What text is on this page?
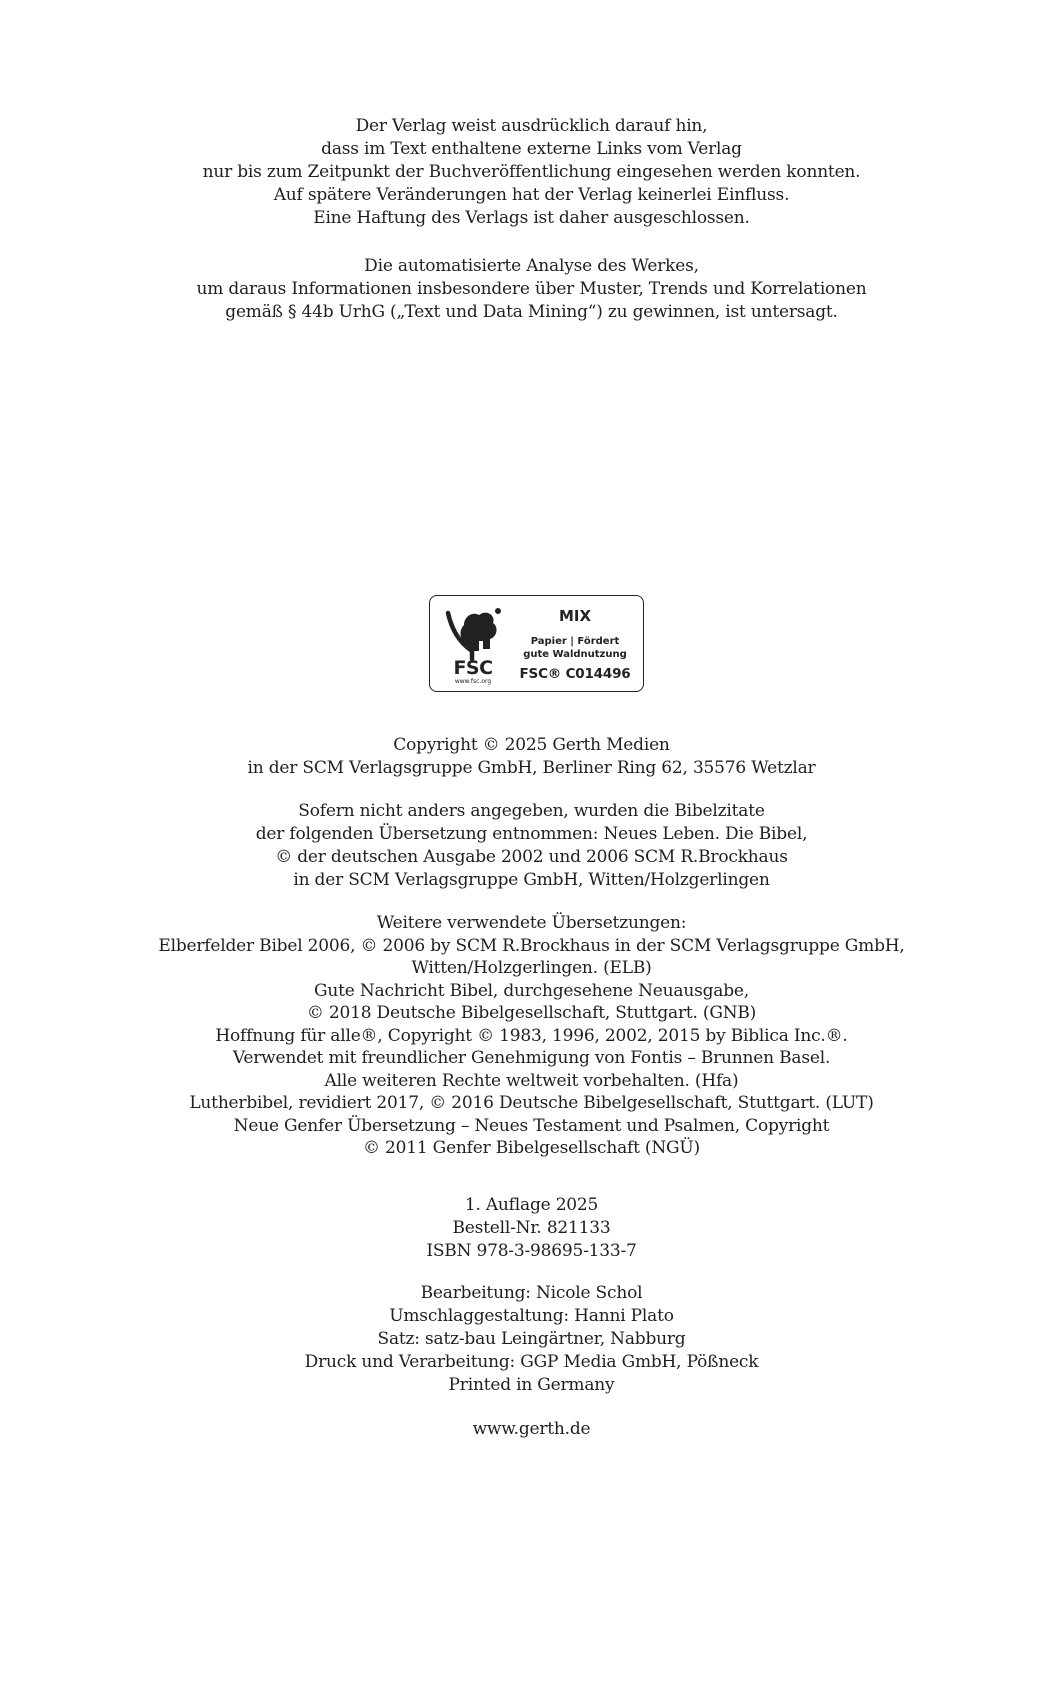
Der Verlag weist ausdrücklich darauf hin,
dass im Text enthaltene externe Links vom Verlag
nur bis zum Zeitpunkt der Buchveröffentlichung eingesehen werden konnten.
Auf spätere Veränderungen hat der Verlag keinerlei Einfluss.
Eine Haftung des Verlags ist daher ausgeschlossen.
Die automatisierte Analyse des Werkes,
um daraus Informationen insbesondere über Muster, Trends und Korrelationen
gemäß § 44b UrhG („Text und Data Mining“) zu gewinnen, ist untersagt.
FSC
www.fsc.org
MIX
Papier | Fördert
gute Waldnutzung
FSC® C014496
Copyright © 2025 Gerth Medien
in der SCM Verlagsgruppe GmbH, Berliner Ring 62, 35576 Wetzlar
Sofern nicht anders angegeben, wurden die Bibelzitate
der folgenden Übersetzung entnommen: Neues Leben. Die Bibel,
© der deutschen Ausgabe 2002 und 2006 SCM R.Brockhaus
in der SCM Verlagsgruppe GmbH, Witten/Holzgerlingen
Weitere verwendete Übersetzungen:
Elberfelder Bibel 2006, © 2006 by SCM R.Brockhaus in der SCM Verlagsgruppe GmbH,
Witten/Holzgerlingen. (ELB)
Gute Nachricht Bibel, durchgesehene Neuausgabe,
© 2018 Deutsche Bibelgesellschaft, Stuttgart. (GNB)
Hoffnung für alle®, Copyright © 1983, 1996, 2002, 2015 by Biblica Inc.®.
Verwendet mit freundlicher Genehmigung von Fontis – Brunnen Basel.
Alle weiteren Rechte weltweit vorbehalten. (Hfa)
Lutherbibel, revidiert 2017, © 2016 Deutsche Bibelgesellschaft, Stuttgart. (LUT)
Neue Genfer Übersetzung – Neues Testament und Psalmen, Copyright
© 2011 Genfer Bibelgesellschaft (NGÜ)
1. Auflage 2025
Bestell-Nr. 821133
ISBN 978-3-98695-133-7
Bearbeitung: Nicole Schol
Umschlaggestaltung: Hanni Plato
Satz: satz-bau Leingärtner, Nabburg
Druck und Verarbeitung: GGP Media GmbH, Pößneck
Printed in Germany
www.gerth.de
